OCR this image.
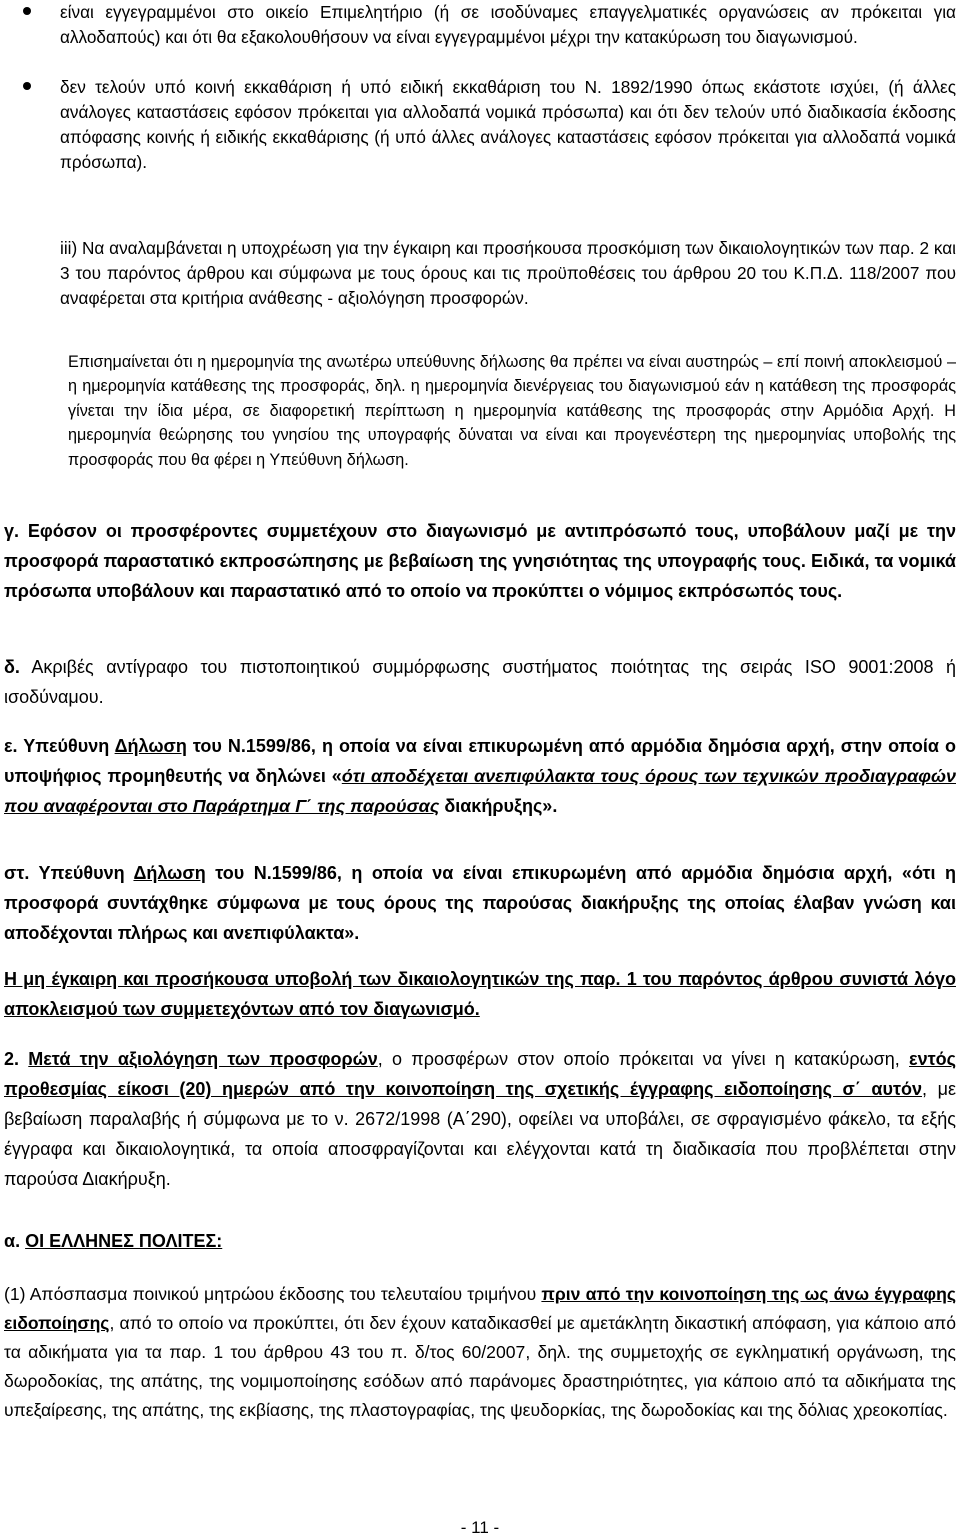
είναι εγγεγραμμένοι στο οικείο Επιμελητήριο (ή σε ισοδύναμες επαγγελματικές οργανώσεις αν πρόκειται για αλλοδαπούς) και ότι θα εξακολουθήσουν να είναι εγγεγραμμένοι μέχρι την κατακύρωση του διαγωνισμού.

δεν τελούν υπό κοινή εκκαθάριση ή υπό ειδική εκκαθάριση του Ν. 1892/1990 όπως εκάστοτε ισχύει, (ή άλλες ανάλογες καταστάσεις εφόσον πρόκειται για αλλοδαπά νομικά πρόσωπα) και ότι δεν τελούν υπό διαδικασία έκδοσης απόφασης κοινής ή ειδικής εκκαθάρισης (ή υπό άλλες ανάλογες καταστάσεις εφόσον πρόκειται για αλλοδαπά νομικά πρόσωπα).

iii) Να αναλαμβάνεται η υποχρέωση για την έγκαιρη και προσήκουσα προσκόμιση των δικαιολογητικών των παρ. 2 και 3 του παρόντος άρθρου και σύμφωνα με τους όρους και τις προϋποθέσεις του άρθρου 20 του Κ.Π.Δ. 118/2007 που αναφέρεται στα κριτήρια ανάθεσης - αξιολόγηση προσφορών.

Επισημαίνεται ότι η ημερομηνία της ανωτέρω υπεύθυνης δήλωσης θα πρέπει να είναι αυστηρώς – επί ποινή αποκλεισμού – η ημερομηνία κατάθεσης της προσφοράς, δηλ. η ημερομηνία διενέργειας του διαγωνισμού εάν η κατάθεση της προσφοράς γίνεται την ίδια μέρα, σε διαφορετική περίπτωση η ημερομηνία κατάθεσης της προσφοράς στην Αρμόδια Αρχή. Η ημερομηνία θεώρησης του γνησίου της υπογραφής δύναται να είναι και προγενέστερη της ημερομηνίας υποβολής της προσφοράς που θα φέρει η Υπεύθυνη δήλωση.

γ. Εφόσον οι προσφέροντες συμμετέχουν στο διαγωνισμό με αντιπρόσωπό τους, υποβάλουν μαζί με την προσφορά παραστατικό εκπροσώπησης με βεβαίωση της γνησιότητας της υπογραφής τους. Ειδικά, τα νομικά πρόσωπα υποβάλουν και παραστατικό από το οποίο να προκύπτει ο νόμιμος εκπρόσωπός τους.

δ. Ακριβές αντίγραφο του πιστοποιητικού συμμόρφωσης συστήματος ποιότητας της σειράς ISO 9001:2008 ή ισοδύναμου.

ε. Υπεύθυνη Δήλωση του Ν.1599/86, η οποία να είναι επικυρωμένη από αρμόδια δημόσια αρχή, στην οποία ο υποψήφιος προμηθευτής να δηλώνει «ότι αποδέχεται ανεπιφύλακτα τους όρους των τεχνικών προδιαγραφών που αναφέρονται στο Παράρτημα Γ΄ της παρούσας διακήρυξης».

στ. Υπεύθυνη Δήλωση του Ν.1599/86, η οποία να είναι επικυρωμένη από αρμόδια δημόσια αρχή, «ότι η προσφορά συντάχθηκε σύμφωνα με τους όρους της παρούσας διακήρυξης της οποίας έλαβαν γνώση και αποδέχονται πλήρως και ανεπιφύλακτα».

Η μη έγκαιρη και προσήκουσα υποβολή των δικαιολογητικών της παρ. 1 του παρόντος άρθρου συνιστά λόγο αποκλεισμού των συμμετεχόντων από τον διαγωνισμό.

2. Μετά την αξιολόγηση των προσφορών, ο προσφέρων στον οποίο πρόκειται να γίνει η κατακύρωση, εντός προθεσμίας είκοσι (20) ημερών από την κοινοποίηση της σχετικής έγγραφης ειδοποίησης σ΄ αυτόν, με βεβαίωση παραλαβής ή σύμφωνα με το ν. 2672/1998 (Α΄290), οφείλει να υποβάλει, σε σφραγισμένο φάκελο, τα εξής έγγραφα και δικαιολογητικά, τα οποία αποσφραγίζονται και ελέγχονται κατά τη διαδικασία που προβλέπεται στην παρούσα Διακήρυξη.

α. ΟΙ ΕΛΛΗΝΕΣ ΠΟΛΙΤΕΣ:

(1) Απόσπασμα ποινικού μητρώου έκδοσης του τελευταίου τριμήνου πριν από την κοινοποίηση της ως άνω έγγραφης ειδοποίησης, από το οποίο να προκύπτει, ότι δεν έχουν καταδικασθεί με αμετάκλητη δικαστική απόφαση, για κάποιο από τα αδικήματα για τα παρ. 1 του άρθρου 43 του π. δ/τος 60/2007, δηλ. της συμμετοχής σε εγκληματική οργάνωση, της δωροδοκίας, της απάτης, της νομιμοποίησης εσόδων από παράνομες δραστηριότητες, για κάποιο από τα αδικήματα της υπεξαίρεσης, της απάτης, της εκβίασης, της πλαστογραφίας, της ψευδορκίας, της δωροδοκίας και της δόλιας χρεοκοπίας.

- 11 -
